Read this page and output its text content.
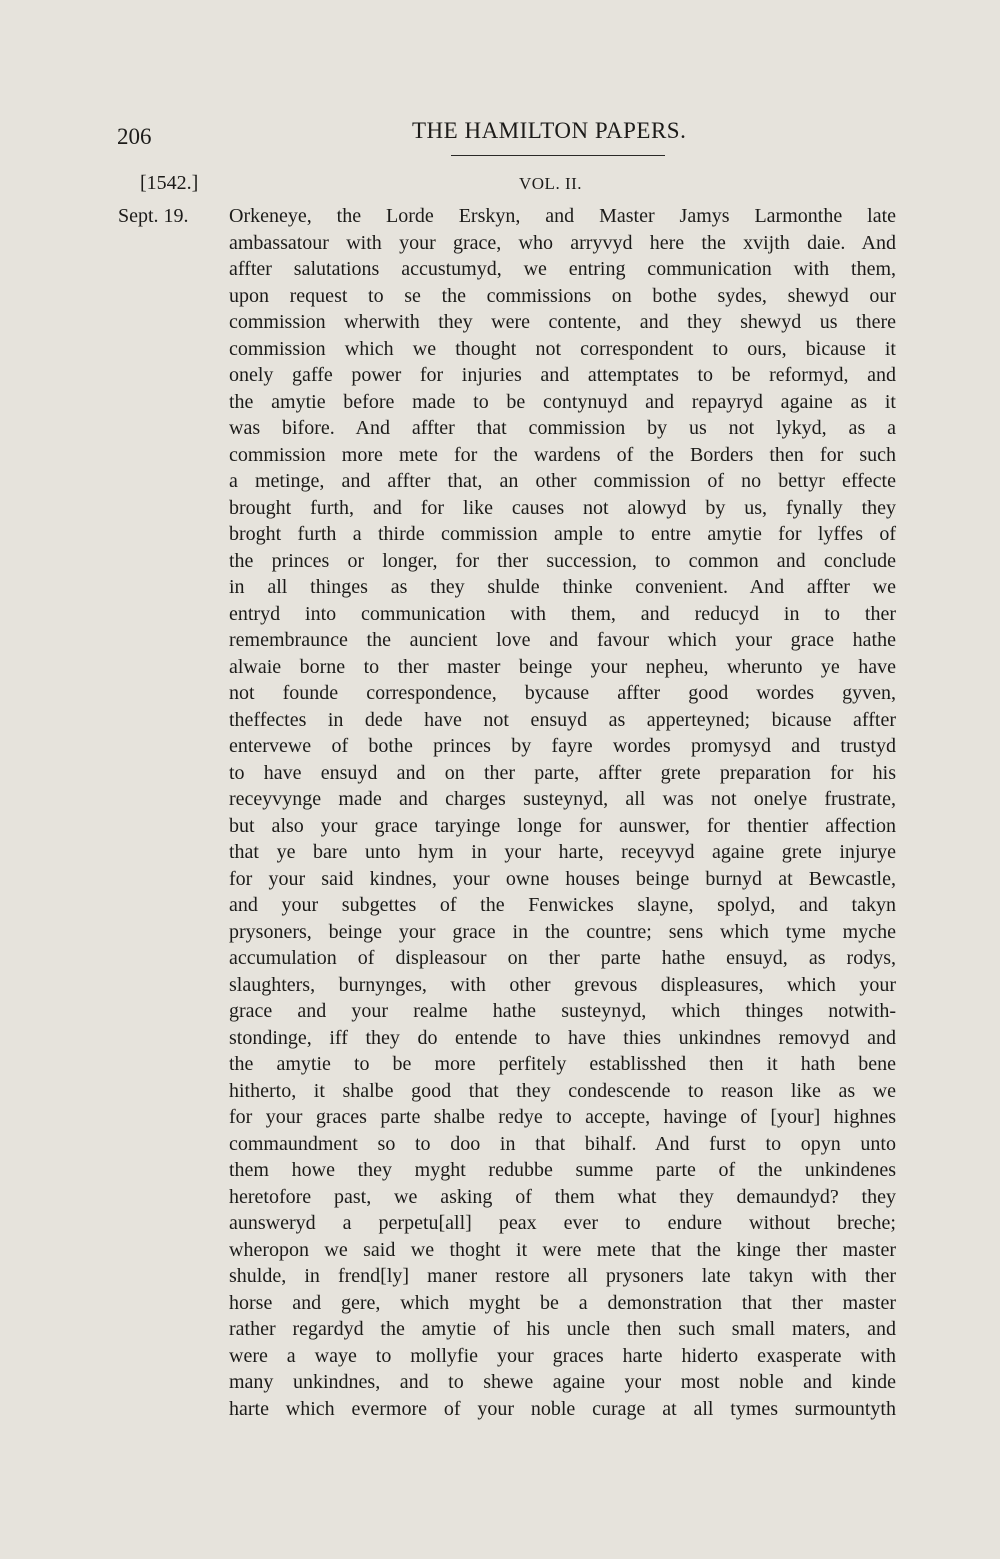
206	THE HAMILTON PAPERS.
[1542.]	VOL. II.
Sept. 19. Orkeneye, the Lorde Erskyn, and Master Jamys Larmonthe late
ambassatour with your grace, who arryvyd here the xvijth daie. And
affter salutations accustumyd, we entring communication with them,
upon request to se the commissions on bothe sydes, shewyd our
commission wherwith they were contente, and they shewyd us there
commission which we thought not correspondent to ours, bicause it
onely gaffe power for injuries and attemptates to be reformyd, and
the amytie before made to be contynuyd and repayryd againe as it
was bifore. And affter that commission by us not lykyd, as a
commission more mete for the wardens of the Borders then for such
a metinge, and affter that, an other commission of no bettyr effecte
brought furth, and for like causes not alowyd by us, fynally they
broght furth a thirde commission ample to entre amytie for lyffes of
the princes or longer, for ther succession, to common and conclude
in all thinges as they shulde thinke convenient. And affter we
entryd into communication with them, and reducyd in to ther
remembraunce the auncient love and favour which your grace hathe
alwaie borne to ther master beinge your nepheu, wherunto ye have
not founde correspondence, bycause affter good wordes gyven,
theffectes in dede have not ensuyd as apperteyned; bicause affter
entervewe of bothe princes by fayre wordes promysyd and trustyd
to have ensuyd and on ther parte, affter grete preparation for his
receyvynge made and charges susteynyd, all was not onelye frustrate,
but also your grace taryinge longe for aunswer, for thentier affection
that ye bare unto hym in your harte, receyvyd againe grete injurye
for your said kindnes, your owne houses beinge burnyd at Bewcastle,
and your subgettes of the Fenwickes slayne, spolyd, and takyn
prysoners, beinge your grace in the countre; sens which tyme myche
accumulation of displeasour on ther parte hathe ensuyd, as rodys,
slaughters, burnynges, with other grevous displeasures, which your
grace and your realme hathe susteynyd, which thinges notwith-
stondinge, iff they do entende to have thies unkindnes removyd and
the amytie to be more perfitely establisshed then it hath bene
hitherto, it shalbe good that they condescende to reason like as we
for your graces parte shalbe redye to accepte, havinge of [your] highnes
commaundment so to doo in that bihalf. And furst to opyn unto
them howe they myght redubbe summe parte of the unkindenes
heretofore past, we asking of them what they demaundyd? they
aunsweryd a perpetu[all] peax ever to endure without breche;
wheropon we said we thoght it were mete that the kinge ther master
shulde, in frend[ly] maner restore all prysoners late takyn with ther
horse and gere, which myght be a demonstration that ther master
rather regardyd the amytie of his uncle then such small maters, and
were a waye to mollyfie your graces harte hiderto exasperate with
many unkindnes, and to shewe againe your most noble and kinde
harte which evermore of your noble curage at all tymes surmountyth
